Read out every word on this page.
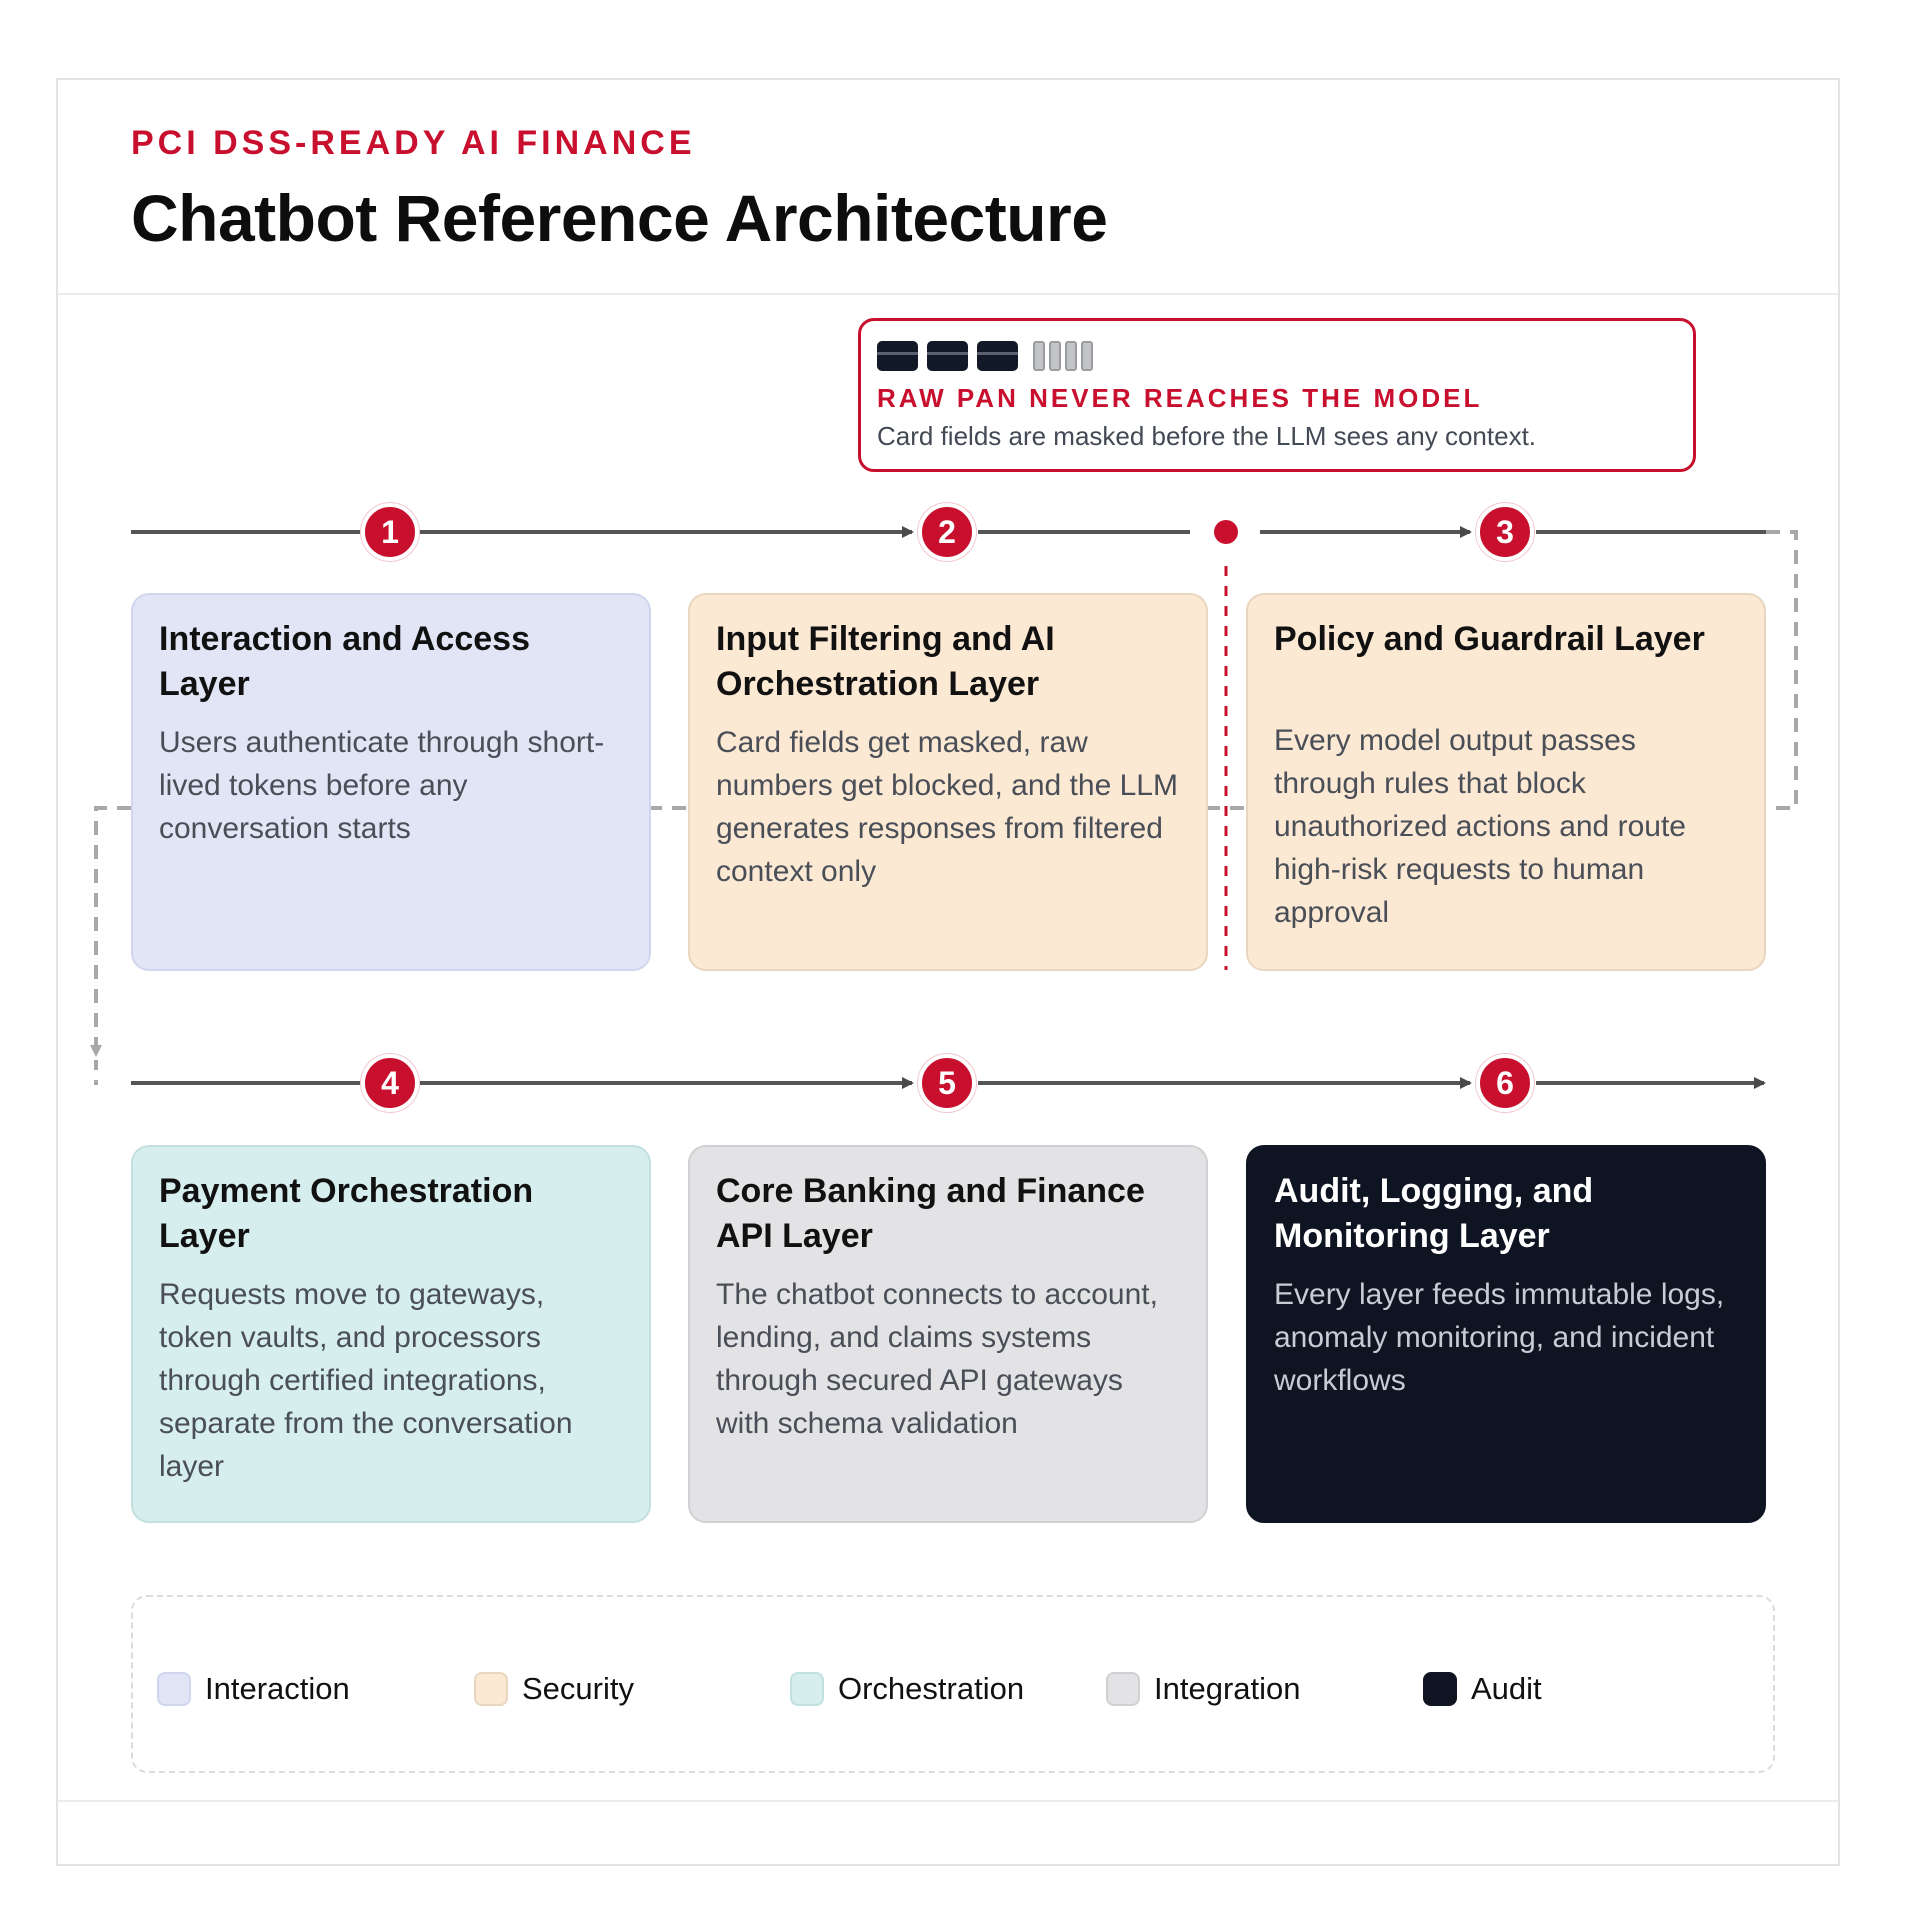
PCI DSS-READY AI FINANCE
Chatbot Reference Architecture
RAW PAN NEVER REACHES THE MODEL
Card fields are masked before the LLM sees any context.
1	2	3
4	5	6
Interaction and Access Layer

Users authenticate through short-lived tokens before any conversation starts

Input Filtering and AI Orchestration Layer

Card fields get masked, raw numbers get blocked, and the LLM generates responses from filtered context only

Policy and Guardrail Layer

Every model output passes through rules that block unauthorized actions and route high-risk requests to human approval

Payment Orchestration Layer

Requests move to gateways, token vaults, and processors through certified integrations, separate from the conversation layer

Core Banking and Finance API Layer

The chatbot connects to account, lending, and claims systems through secured API gateways with schema validation

Audit, Logging, and Monitoring Layer

Every layer feeds immutable logs, anomaly monitoring, and incident workflows

Interaction	Security	Orchestration	Integration	Audit
